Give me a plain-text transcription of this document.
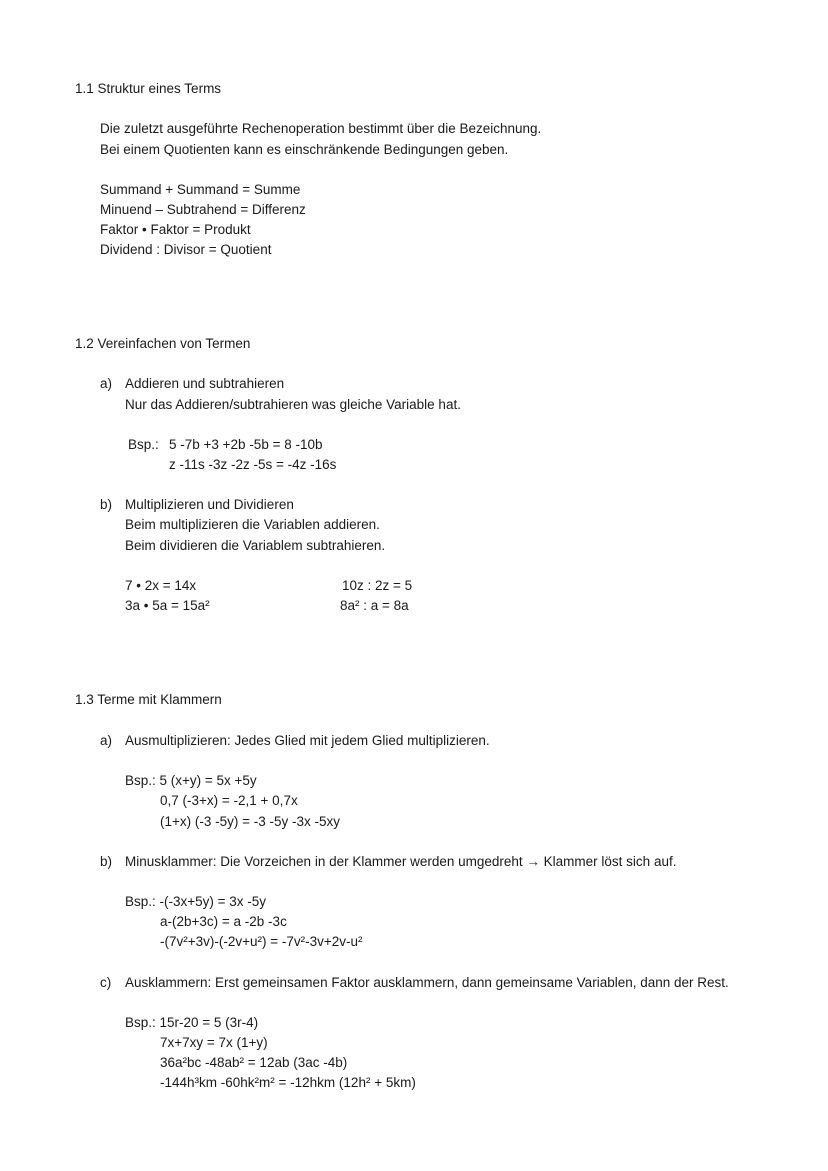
1.1 Struktur eines Terms
Die zuletzt ausgeführte Rechenoperation bestimmt über die Bezeichnung.
Bei einem Quotienten kann es einschränkende Bedingungen geben.
Summand + Summand = Summe
Minuend – Subtrahend = Differenz
Faktor • Faktor = Produkt
Dividend : Divisor = Quotient
1.2 Vereinfachen von Termen
a) Addieren und subtrahieren
Nur das Addieren/subtrahieren was gleiche Variable hat.
Bsp.: 5 -7b +3 +2b -5b = 8 -10b
z -11s -3z -2z -5s = -4z -16s
b) Multiplizieren und Dividieren
Beim multiplizieren die Variablen addieren.
Beim dividieren die Variablem subtrahieren.
7 • 2x = 14x
3a • 5a = 15a²
10z : 2z = 5
8a² : a = 8a
1.3 Terme mit Klammern
a) Ausmultiplizieren: Jedes Glied mit jedem Glied multiplizieren.
Bsp.: 5 (x+y) = 5x +5y
0,7 (-3+x) = -2,1 + 0,7x
(1+x) (-3 -5y) = -3 -5y -3x -5xy
b) Minusklammer: Die Vorzeichen in der Klammer werden umgedreht → Klammer löst sich auf.
Bsp.: -(-3x+5y) = 3x -5y
a-(2b+3c) = a -2b -3c
-(7v²+3v)-(-2v+u²) = -7v²-3v+2v-u²
c) Ausklammern: Erst gemeinsamen Faktor ausklammern, dann gemeinsame Variablen, dann der Rest.
Bsp.: 15r-20 = 5 (3r-4)
7x+7xy = 7x (1+y)
36a²bc -48ab² = 12ab (3ac -4b)
-144h³km -60hk²m² = -12hkm (12h² + 5km)
